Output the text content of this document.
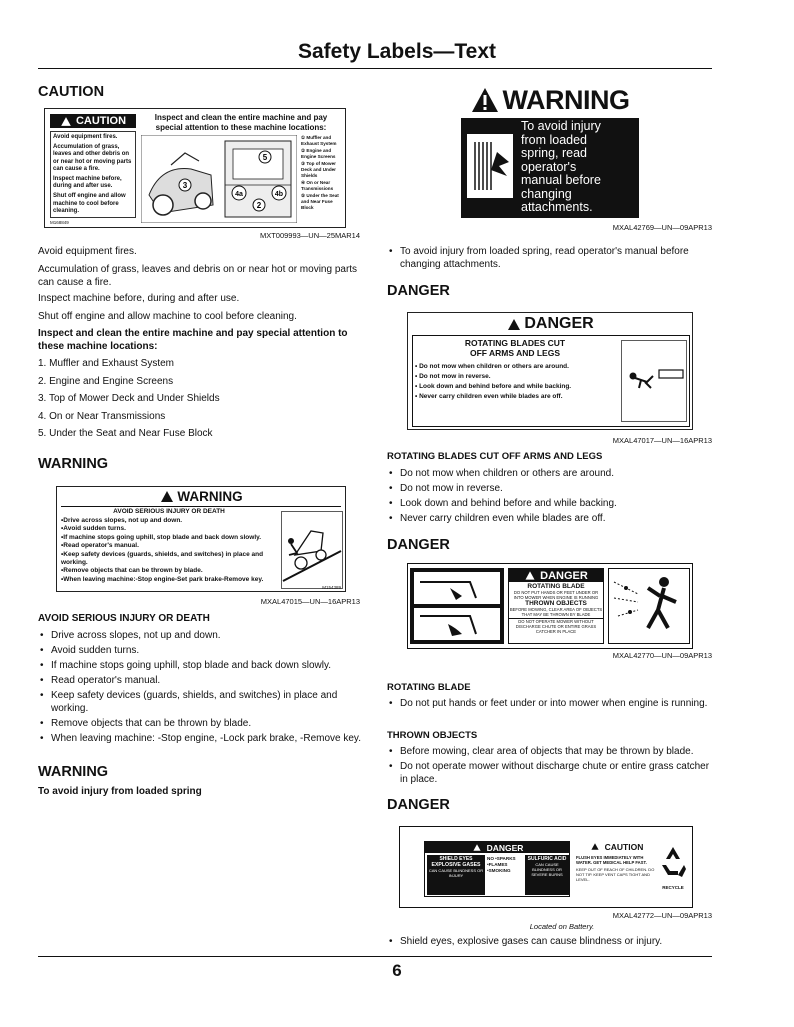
Safety Labels—Text
CAUTION
CAUTION
Avoid equipment fires.
Accumulation of grass, leaves and other debris on or near hot or moving parts can cause a fire.
Inspect machine before, during and after use.
Shut off engine and allow machine to cool before cleaning.
Inspect and clean the entire machine and pay special attention to these machine locations:
5
3
4a	4b
2
① Muffler and Exhaust System
② Engine and Engine Screens
③ Top of Mower Deck and Under Shields
④ On or Near Transmissions
⑤ Under the Seat and Near Fuse Block
M168849
MXT009993—UN—25MAR14
Avoid equipment fires.
Accumulation of grass, leaves and debris on or near hot or moving parts can cause a fire.
Inspect machine before, during and after use.
Shut off engine and allow machine to cool before cleaning.
Inspect and clean the entire machine and pay special attention to these machine locations:
1. Muffler and Exhaust System
2. Engine and Engine Screens
3. Top of Mower Deck and Under Shields
4. On or Near Transmissions
5. Under the Seat and Near Fuse Block
WARNING
WARNING
AVOID SERIOUS INJURY OR DEATH
•Drive across slopes, not up and down.
•Avoid sudden turns.
•If machine stops going uphill, stop blade and back down slowly.
•Read operator's manual.
•Keep safety devices (guards, shields, and switches) in place and working.
•Remove objects that can be thrown by blade.
•When leaving machine:-Stop engine-Set park brake-Remove key.
M154389
MXAL47015—UN—16APR13
AVOID SERIOUS INJURY OR DEATH
• Drive across slopes, not up and down.
• Avoid sudden turns.
• If machine stops going uphill, stop blade and back down slowly.
• Read operator's manual.
• Keep safety devices (guards, shields, and switches) in place and working.
• Remove objects that can be thrown by blade.
• When leaving machine: -Stop engine, -Lock park brake, -Remove key.
WARNING
To avoid injury from loaded spring
WARNING
To avoid injury
from loaded
spring, read
operator's
manual before
changing
attachments.
MXAL42769—UN—09APR13
• To avoid injury from loaded spring, read operator's manual before changing attachments.
DANGER
DANGER
ROTATING BLADES CUT
OFF ARMS AND LEGS
• Do not mow when children or others are around.
• Do not mow in reverse.
• Look down and behind before and while backing.
• Never carry children even while blades are off.
MXAL47017—UN—16APR13
ROTATING BLADES CUT OFF ARMS AND LEGS
• Do not mow when children or others are around.
• Do not mow in reverse.
• Look down and behind before and while backing.
• Never carry children even while blades are off.
DANGER
DANGER
ROTATING BLADE
DO NOT PUT HANDS OR FEET UNDER OR INTO MOWER WHEN ENGINE IS RUNNING
THROWN OBJECTS
BEFORE MOWING, CLEAR AREA OF OBJECTS THAT MAY BE THROWN BY BLADE
DO NOT OPERATE MOWER WITHOUT DISCHARGE CHUTE OR ENTIRE GRASS CATCHER IN PLACE
MXAL42770—UN—09APR13
ROTATING BLADE
• Do not put hands or feet under or into mower when engine is running.
THROWN OBJECTS
• Before mowing, clear area of objects that may be thrown by blade.
• Do not operate mower without discharge chute or entire grass catcher in place.
DANGER
DANGER
SHIELD EYES
EXPLOSIVE GASES
CAN CAUSE BLINDNESS OR INJURY
NO •SPARKS •FLAMES •SMOKING
SULFURIC ACID
CAN CAUSE BLINDNESS OR SEVERE BURNS
CAUTION
FLUSH EYES IMMEDIATELY WITH WATER. GET MEDICAL HELP FAST.
KEEP OUT OF REACH OF CHILDREN. DO NOT TIP. KEEP VENT CAPS TIGHT AND LEVEL.
RECYCLE
MXAL42772—UN—09APR13
Located on Battery.
• Shield eyes, explosive gases can cause blindness or injury.
6
